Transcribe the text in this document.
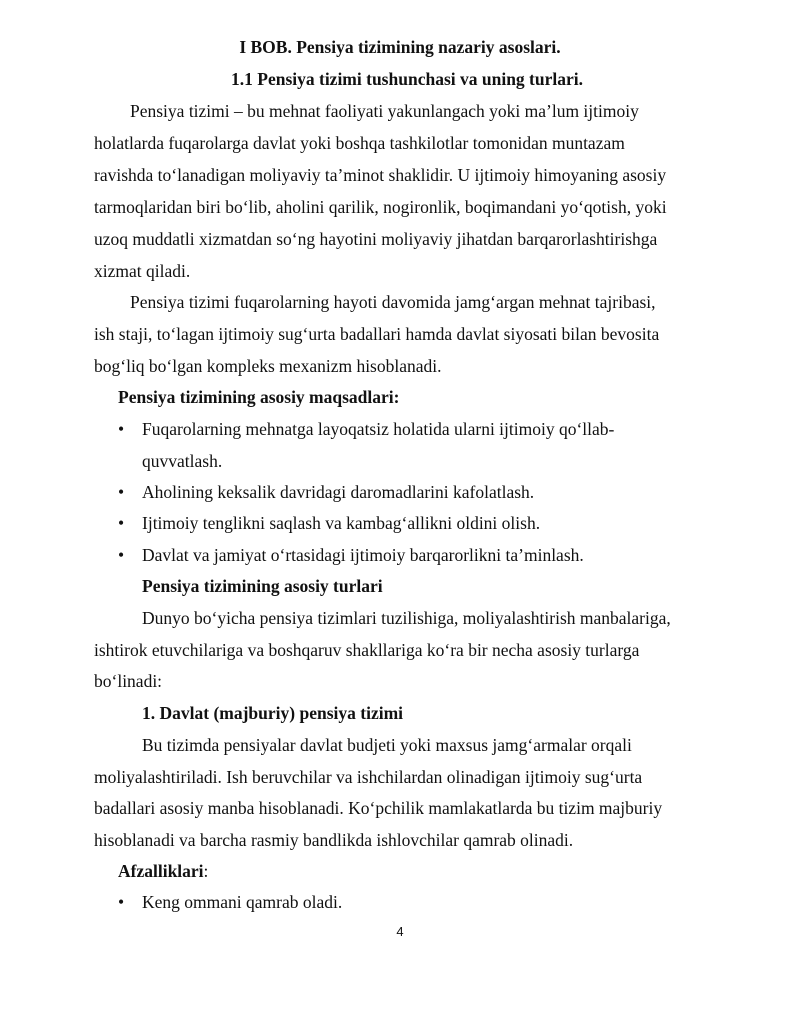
I BOB. Pensiya tizimining nazariy asoslari.
1.1 Pensiya tizimi tushunchasi va uning turlari.
Pensiya tizimi – bu mehnat faoliyati yakunlangach yoki ma’lum ijtimoiy
holatlarda fuqarolarga davlat yoki boshqa tashkilotlar tomonidan muntazam
ravishda to‘lanadigan moliyaviy ta’minot shaklidir. U ijtimoiy himoyaning asosiy
tarmoqlaridan biri bo‘lib, aholini qarilik, nogironlik, boqimandani yo‘qotish, yoki
uzoq muddatli xizmatdan so‘ng hayotini moliyaviy jihatdan barqarorlashtirishga
xizmat qiladi.
Pensiya tizimi fuqarolarning hayoti davomida jamg‘argan mehnat tajribasi,
ish staji, to‘lagan ijtimoiy sug‘urta badallari hamda davlat siyosati bilan bevosita
bog‘liq bo‘lgan kompleks mexanizm hisoblanadi.
Pensiya tizimining asosiy maqsadlari:
• Fuqarolarning mehnatga layoqatsiz holatida ularni ijtimoiy qo‘llab-
quvvatlash.
• Aholining keksalik davridagi daromadlarini kafolatlash.
• Ijtimoiy tenglikni saqlash va kambag‘allikni oldini olish.
• Davlat va jamiyat o‘rtasidagi ijtimoiy barqarorlikni ta’minlash.
Pensiya tizimining asosiy turlari
Dunyo bo‘yicha pensiya tizimlari tuzilishiga, moliyalashtirish manbalariga,
ishtirok etuvchilariga va boshqaruv shakllariga ko‘ra bir necha asosiy turlarga
bo‘linadi:
1. Davlat (majburiy) pensiya tizimi
Bu tizimda pensiyalar davlat budjeti yoki maxsus jamg‘armalar orqali
moliyalashtiriladi. Ish beruvchilar va ishchilardan olinadigan ijtimoiy sug‘urta
badallari asosiy manba hisoblanadi. Ko‘pchilik mamlakatlarda bu tizim majburiy
hisoblanadi va barcha rasmiy bandlikda ishlovchilar qamrab olinadi.
Afzalliklari:
• Keng ommani qamrab oladi.
4
